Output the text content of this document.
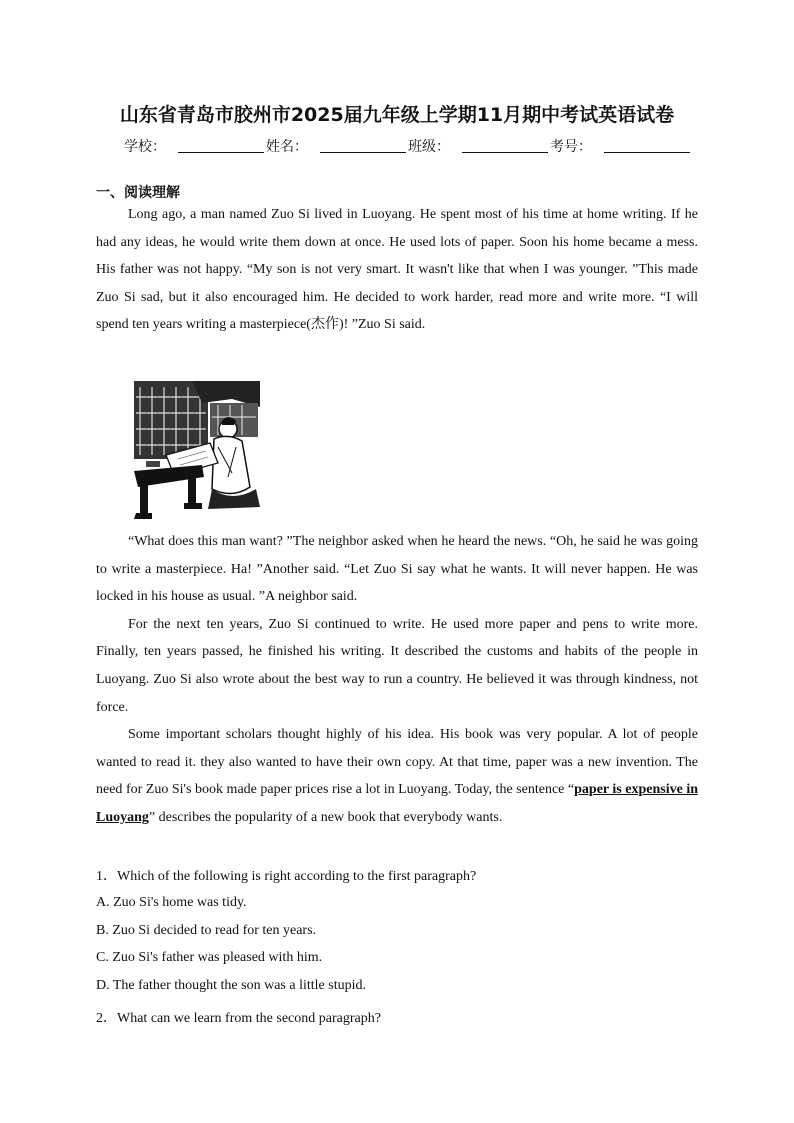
山东省青岛市胶州市2025届九年级上学期11月期中考试英语试卷
学校：	姓名：	班级：	考号：
一、阅读理解

Long ago, a man named Zuo Si lived in Luoyang. He spent most of his time at home writing. If he had any ideas, he would write them down at once. He used lots of paper. Soon his home became a mess. His father was not happy. “My son is not very smart. It wasn't like that when I was younger. ”This made Zuo Si sad, but it also encouraged him. He decided to work harder, read more and write more. “I will spend ten years writing a masterpiece(杰作)! ”Zuo Si said.

“What does this man want? ”The neighbor asked when he heard the news. “Oh, he said he was going to write a masterpiece. Ha! ”Another said. “Let Zuo Si say what he wants. It will never happen. He was locked in his house as usual. ”A neighbor said.

For the next ten years, Zuo Si continued to write. He used more paper and pens to write more. Finally, ten years passed, he finished his writing. It described the customs and habits of the people in Luoyang. Zuo Si also wrote about the best way to run a country. He believed it was through kindness, not force.

Some important scholars thought highly of his idea. His book was very popular. A lot of people wanted to read it. they also wanted to have their own copy. At that time, paper was a new invention. The need for Zuo Si's book made paper prices rise a lot in Luoyang. Today, the sentence “paper is expensive in Luoyang” describes the popularity of a new book that everybody wants.

1．Which of the following is right according to the first paragraph?
A. Zuo Si's home was tidy.
B. Zuo Si decided to read for ten years.
C. Zuo Si's father was pleased with him.
D. The father thought the son was a little stupid.
2．What can we learn from the second paragraph?
